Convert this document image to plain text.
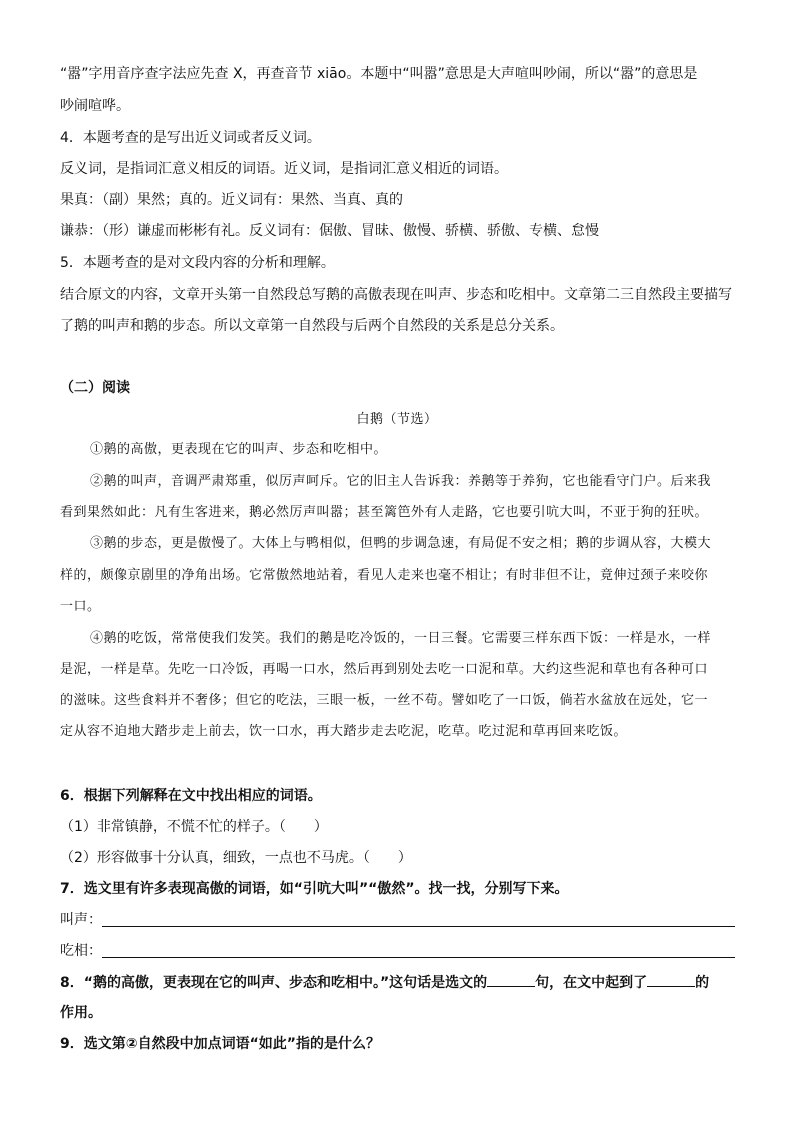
“嚣”字用音序查字法应先查 X，再查音节 xiāo。本题中“叫嚣”意思是大声喧叫吵闹，所以“嚣”的意思是
吵闹喧哗。
4．本题考查的是写出近义词或者反义词。
反义词，是指词汇意义相反的词语。近义词，是指词汇意义相近的词语。
果真：（副）果然；真的。近义词有：果然、当真、真的
谦恭：（形）谦虚而彬彬有礼。反义词有：倨傲、冒昧、傲慢、骄横、骄傲、专横、怠慢
5．本题考查的是对文段内容的分析和理解。
结合原文的内容，文章开头第一自然段总写鹅的高傲表现在叫声、步态和吃相中。文章第二三自然段主要描写
了鹅的叫声和鹅的步态。所以文章第一自然段与后两个自然段的关系是总分关系。
（二）阅读
白鹅（节选）
①鹅的高傲，更表现在它的叫声、步态和吃相中。
②鹅的叫声，音调严肃郑重，似厉声呵斥。它的旧主人告诉我：养鹅等于养狗，它也能看守门户。后来我
看到果然如此：凡有生客进来，鹅必然厉声叫嚣；甚至篱笆外有人走路，它也要引吭大叫，不亚于狗的狂吠。
③鹅的步态，更是傲慢了。大体上与鸭相似，但鸭的步调急速，有局促不安之相；鹅的步调从容，大模大
样的，颇像京剧里的净角出场。它常傲然地站着，看见人走来也毫不相让；有时非但不让，竟伸过颈子来咬你
一口。
④鹅的吃饭，常常使我们发笑。我们的鹅是吃冷饭的，一日三餐。它需要三样东西下饭：一样是水，一样
是泥，一样是草。先吃一口冷饭，再喝一口水，然后再到别处去吃一口泥和草。大约这些泥和草也有各种可口
的滋味。这些食料并不奢侈；但它的吃法，三眼一板，一丝不苟。譬如吃了一口饭，倘若水盆放在远处，它一
定从容不迫地大踏步走上前去，饮一口水，再大踏步走去吃泥，吃草。吃过泥和草再回来吃饭。
6．根据下列解释在文中找出相应的词语。
（1）非常镇静，不慌不忙的样子。（　　）
（2）形容做事十分认真，细致，一点也不马虎。（　　）
7．选文里有许多表现高傲的词语，如“引吭大叫”“傲然”。找一找，分别写下来。
叫声：
吃相：
8．“鹅的高傲，更表现在它的叫声、步态和吃相中。”这句话是选文的	句，在文中起到了	的
作用。
9．选文第②自然段中加点词语“如此”指的是什么？
